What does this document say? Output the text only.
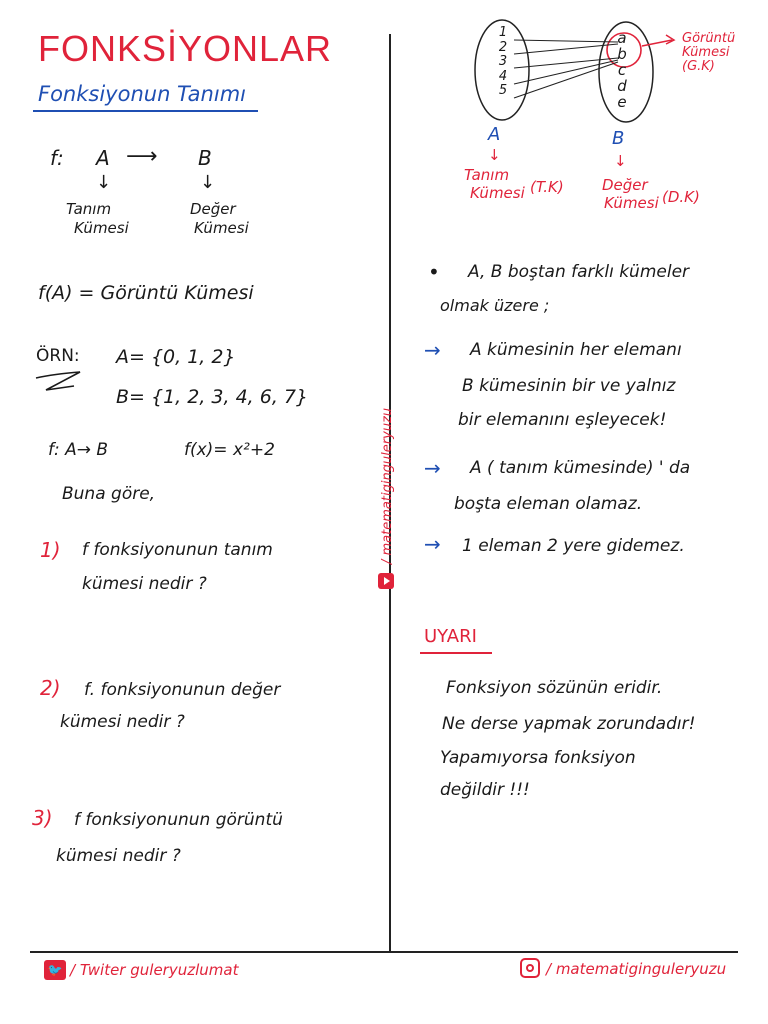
FONKSİYONLAR
Fonksiyonun Tanımı
f: A ⟶ B
↓	↓
Tanım
Kümesi
Değer
Kümesi
f(A) = Görüntü Kümesi
ÖRN: A= {0, 1, 2}
B= {1, 2, 3, 4, 6, 7}
f: A→ B	f(x)= x²+2
Buna göre,
1) f fonksiyonunun tanım
kümesi nedir ?
2) f. fonksiyonunun değer
kümesi nedir ?
3) f fonksiyonunun görüntü
kümesi nedir ?
/ matematiginguleryuzu
1
2
3
4
5
a
b
c
d
e
Görüntü
Kümesi
(G.K)
A	B
↓	↓
Tanım
Kümesi (T.K)	Değer
Kümesi (D.K)
• A, B boştan farklı kümeler
olmak üzere ;
→ A kümesinin her elemanı
B kümesinin bir ve yalnız
bir elemanını eşleyecek!
→ A ( tanım kümesinde) ' da
boşta eleman olamaz.
→ 1 eleman 2 yere gidemez.
UYARI
Fonksiyon sözünün eridir.
Ne derse yapmak zorundadır!
Yapamıyorsa fonksiyon
değildir !!!
🐦 / Twiter guleryuzlumat	/ matematiginguleryuzu
